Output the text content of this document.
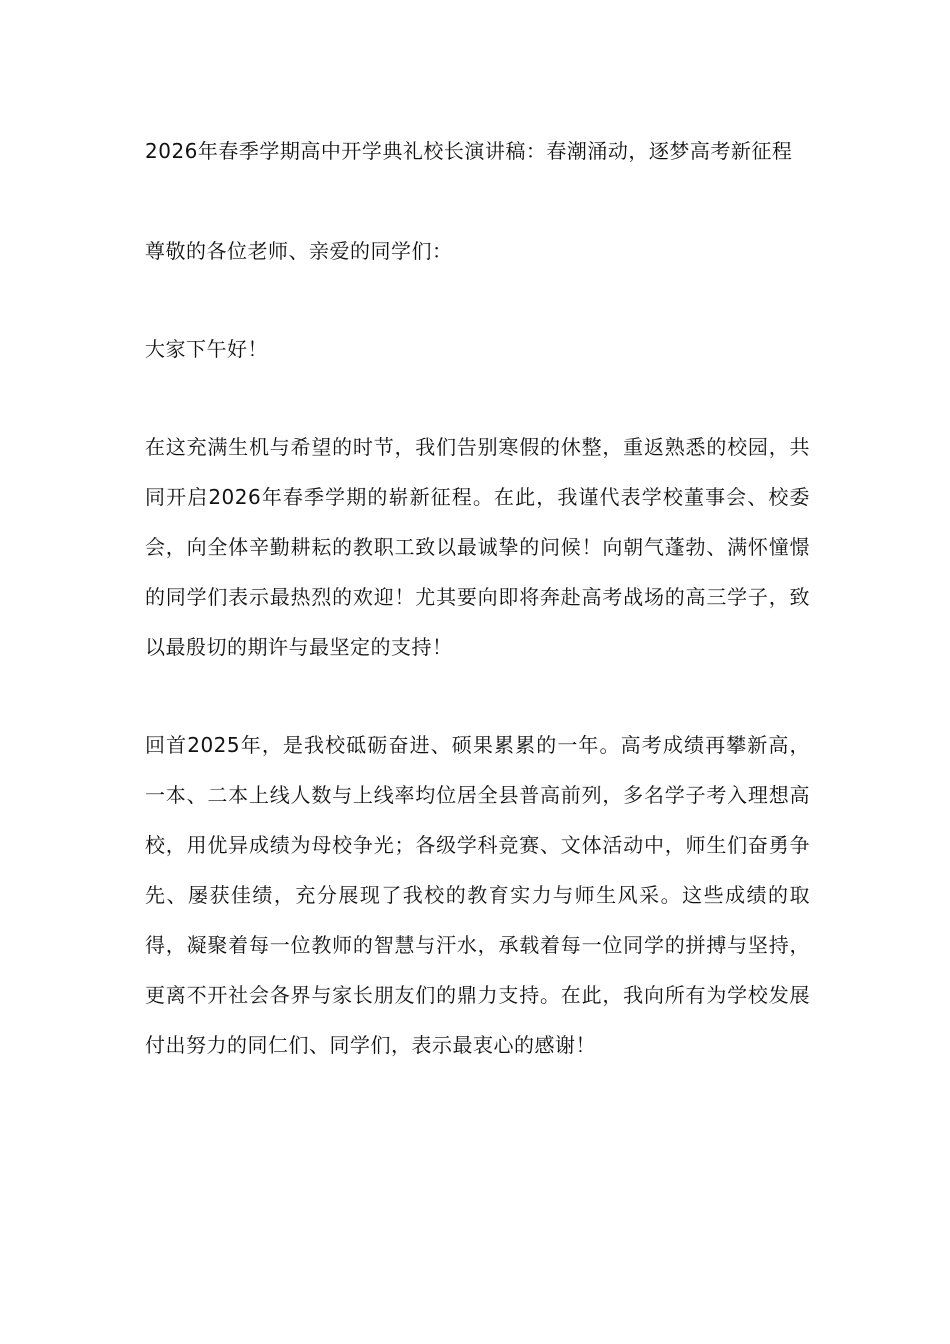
2026年春季学期高中开学典礼校长演讲稿：春潮涌动，逐梦高考新征程

尊敬的各位老师、亲爱的同学们：

大家下午好！

在这充满生机与希望的时节，我们告别寒假的休整，重返熟悉的校园，共同开启2026年春季学期的崭新征程。在此，我谨代表学校董事会、校委会，向全体辛勤耕耘的教职工致以最诚挚的问候！向朝气蓬勃、满怀憧憬的同学们表示最热烈的欢迎！尤其要向即将奔赴高考战场的高三学子，致以最殷切的期许与最坚定的支持！

回首2025年，是我校砥砺奋进、硕果累累的一年。高考成绩再攀新高，一本、二本上线人数与上线率均位居全县普高前列，多名学子考入理想高校，用优异成绩为母校争光；各级学科竞赛、文体活动中，师生们奋勇争先、屡获佳绩，充分展现了我校的教育实力与师生风采。这些成绩的取得，凝聚着每一位教师的智慧与汗水，承载着每一位同学的拼搏与坚持，更离不开社会各界与家长朋友们的鼎力支持。在此，我向所有为学校发展付出努力的同仁们、同学们，表示最衷心的感谢！
